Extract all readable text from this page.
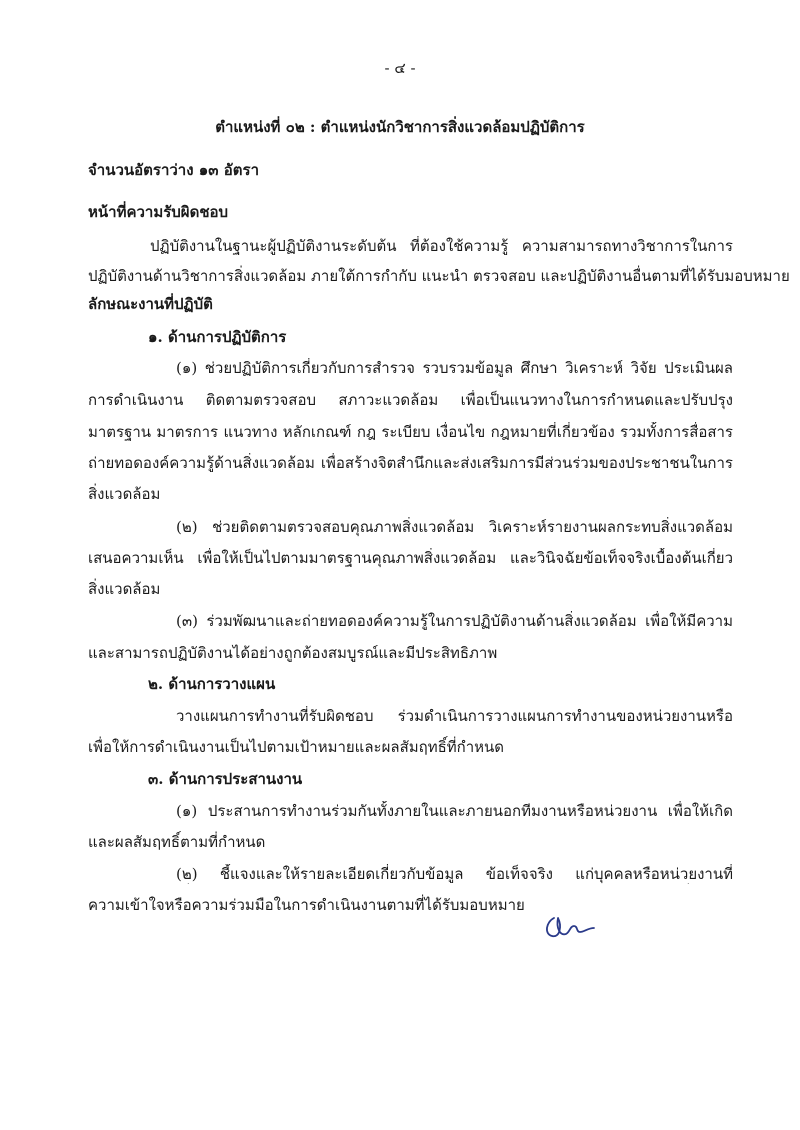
- ๔ -
ตำแหน่งที่ ๐๒ : ตำแหน่งนักวิชาการสิ่งแวดล้อมปฏิบัติการ
จำนวนอัตราว่าง ๑๓ อัตรา
หน้าที่ความรับผิดชอบ
ปฏิบัติงานในฐานะผู้ปฏิบัติงานระดับต้น ที่ต้องใช้ความรู้ ความสามารถทางวิชาการในการ
ปฏิบัติงานด้านวิชาการสิ่งแวดล้อม ภายใต้การกำกับ แนะนำ ตรวจสอบ และปฏิบัติงานอื่นตามที่ได้รับมอบหมาย
ลักษณะงานที่ปฏิบัติ
๑. ด้านการปฏิบัติการ
(๑) ช่วยปฏิบัติการเกี่ยวกับการสำรวจ รวบรวมข้อมูล ศึกษา วิเคราะห์ วิจัย ประเมินผล
การดำเนินงาน ติดตามตรวจสอบ สภาวะแวดล้อม เพื่อเป็นแนวทางในการกำหนดและปรับปรุง
มาตรฐาน มาตรการ แนวทาง หลักเกณฑ์ กฎ ระเบียบ เงื่อนไข กฎหมายที่เกี่ยวข้อง รวมทั้งการสื่อสาร
ถ่ายทอดองค์ความรู้ด้านสิ่งแวดล้อม เพื่อสร้างจิตสำนึกและส่งเสริมการมีส่วนร่วมของประชาชนในการ
สิ่งแวดล้อม
(๒) ช่วยติดตามตรวจสอบคุณภาพสิ่งแวดล้อม วิเคราะห์รายงานผลกระทบสิ่งแวดล้อม
เสนอความเห็น เพื่อให้เป็นไปตามมาตรฐานคุณภาพสิ่งแวดล้อม และวินิจฉัยข้อเท็จจริงเบื้องต้นเกี่ยว
สิ่งแวดล้อม
(๓) ร่วมพัฒนาและถ่ายทอดองค์ความรู้ในการปฏิบัติงานด้านสิ่งแวดล้อม เพื่อให้มีความ
และสามารถปฏิบัติงานได้อย่างถูกต้องสมบูรณ์และมีประสิทธิภาพ
๒. ด้านการวางแผน
วางแผนการทำงานที่รับผิดชอบ ร่วมดำเนินการวางแผนการทำงานของหน่วยงานหรือ
เพื่อให้การดำเนินงานเป็นไปตามเป้าหมายและผลสัมฤทธิ์ที่กำหนด
๓. ด้านการประสานงาน
(๑) ประสานการทำงานร่วมกันทั้งภายในและภายนอกทีมงานหรือหน่วยงาน เพื่อให้เกิด
และผลสัมฤทธิ์ตามที่กำหนด
(๒) ชี้แจงและให้รายละเอียดเกี่ยวกับข้อมูล ข้อเท็จจริง แก่บุคคลหรือหน่วยงานที่
ความเข้าใจหรือความร่วมมือในการดำเนินงานตามที่ได้รับมอบหมาย
